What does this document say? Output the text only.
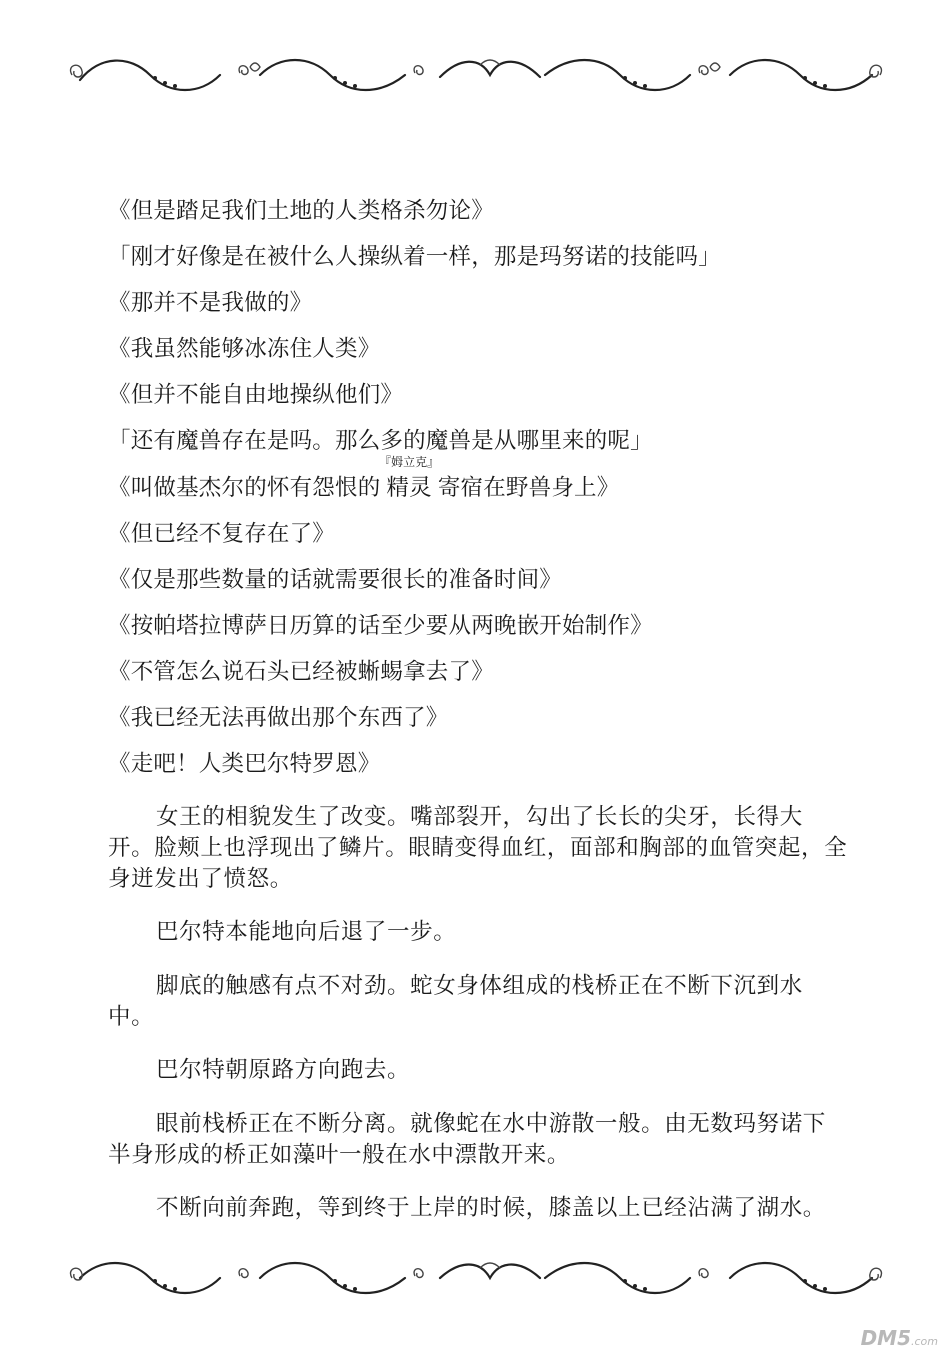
《但是踏足我们土地的人类格杀勿论》
「刚才好像是在被什么人操纵着一样，那是玛努诺的技能吗」
《那并不是我做的》
《我虽然能够冰冻住人类》
《但并不能自由地操纵他们》
「还有魔兽存在是吗。那么多的魔兽是从哪里来的呢」
《叫做基杰尔的怀有怨恨的
『姆立克』
精灵 寄宿在野兽身上》
《但已经不复存在了》
《仅是那些数量的话就需要很长的准备时间》
《按帕塔拉博萨日历算的话至少要从两晚嵌开始制作》
《不管怎么说石头已经被蜥蜴拿去了》
《我已经无法再做出那个东西了》
《走吧！人类巴尔特罗恩》

女王的相貌发生了改变。嘴部裂开，勾出了长长的尖牙，长得大开。脸颊上也浮现出了鳞片。眼睛变得血红，面部和胸部的血管突起，全身迸发出了愤怒。

巴尔特本能地向后退了一步。

脚底的触感有点不对劲。蛇女身体组成的栈桥正在不断下沉到水中。

巴尔特朝原路方向跑去。

眼前栈桥正在不断分离。就像蛇在水中游散一般。由无数玛努诺下半身形成的桥正如藻叶一般在水中漂散开来。

不断向前奔跑，等到终于上岸的时候，膝盖以上已经沾满了湖水。

DM5.com
